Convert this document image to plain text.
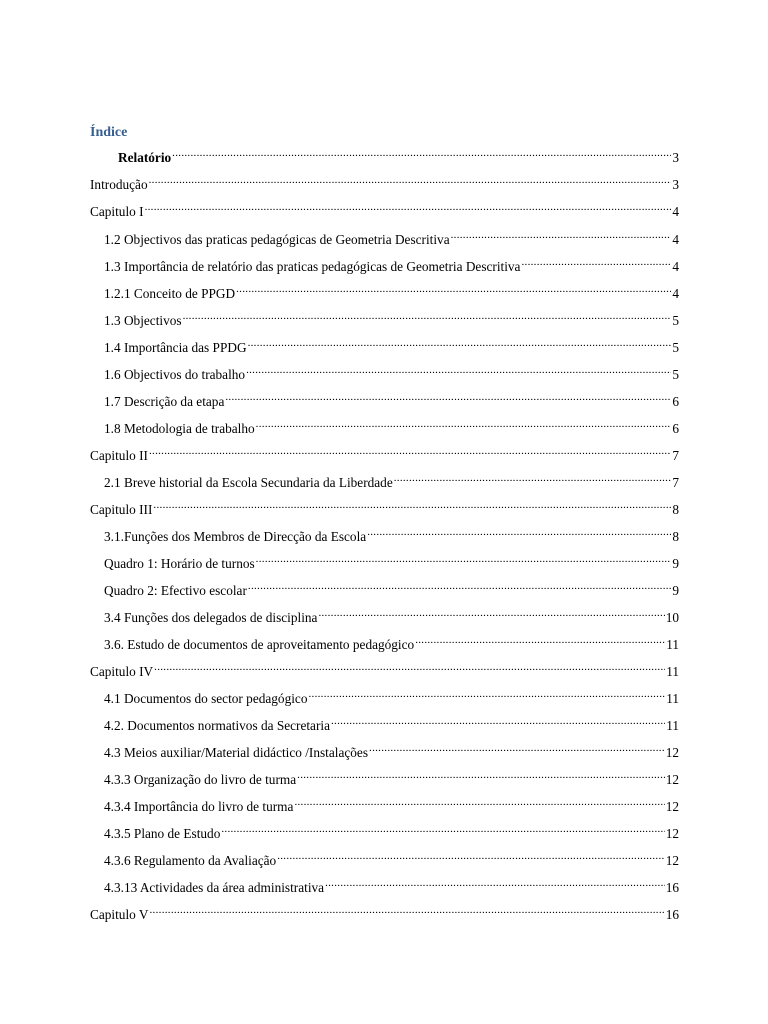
Índice
Relatório .....	3
Introdução .....	3
Capitulo I .....	4
1.2 Objectivos das praticas pedagógicas de Geometria Descritiva .....	4
1.3 Importância de relatório das praticas pedagógicas de Geometria Descritiva .....	4
1.2.1 Conceito de PPGD .....	4
1.3 Objectivos .....	5
1.4 Importância das PPDG .....	5
1.6 Objectivos do trabalho .....	5
1.7 Descrição da etapa .....	6
1.8 Metodologia de trabalho .....	6
Capitulo II .....	7
2.1 Breve historial da Escola Secundaria da Liberdade .....	7
Capitulo III .....	8
3.1.Funções dos Membros de Direcção da Escola .....	8
Quadro 1: Horário de turnos .....	9
Quadro 2: Efectivo escolar .....	9
3.4 Funções dos delegados de disciplina .....	10
3.6. Estudo de documentos de aproveitamento pedagógico .....	11
Capitulo IV .....	11
4.1 Documentos do sector pedagógico .....	11
4.2. Documentos normativos da Secretaria .....	11
4.3 Meios auxiliar/Material didáctico /Instalações .....	12
4.3.3 Organização do livro de turma .....	12
4.3.4 Importância do livro de turma .....	12
4.3.5 Plano de Estudo .....	12
4.3.6 Regulamento da Avaliação .....	12
4.3.13 Actividades da área administrativa .....	16
Capitulo V .....	16
